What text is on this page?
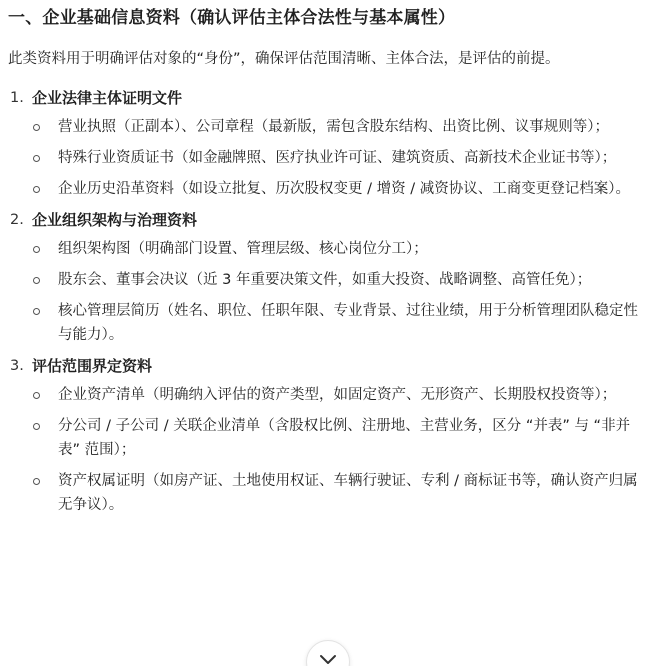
一、企业基础信息资料（确认评估主体合法性与基本属性）
此类资料用于明确评估对象的“身份”，确保评估范围清晰、主体合法，是评估的前提。
1. 企业法律主体证明文件
营业执照（正副本）、公司章程（最新版，需包含股东结构、出资比例、议事规则等）；
特殊行业资质证书（如金融牌照、医疗执业许可证、建筑资质、高新技术企业证书等）；
企业历史沿革资料（如设立批复、历次股权变更 / 增资 / 减资协议、工商变更登记档案）。
2. 企业组织架构与治理资料
组织架构图（明确部门设置、管理层级、核心岗位分工）；
股东会、董事会决议（近 3 年重要决策文件，如重大投资、战略调整、高管任免）；
核心管理层简历（姓名、职位、任职年限、专业背景、过往业绩，用于分析管理团队稳定性与能力）。
3. 评估范围界定资料
企业资产清单（明确纳入评估的资产类型，如固定资产、无形资产、长期股权投资等）；
分公司 / 子公司 / 关联企业清单（含股权比例、注册地、主营业务，区分 “并表” 与 “非并表” 范围）；
资产权属证明（如房产证、土地使用权证、车辆行驶证、专利 / 商标证书等，确认资产归属无争议）。
